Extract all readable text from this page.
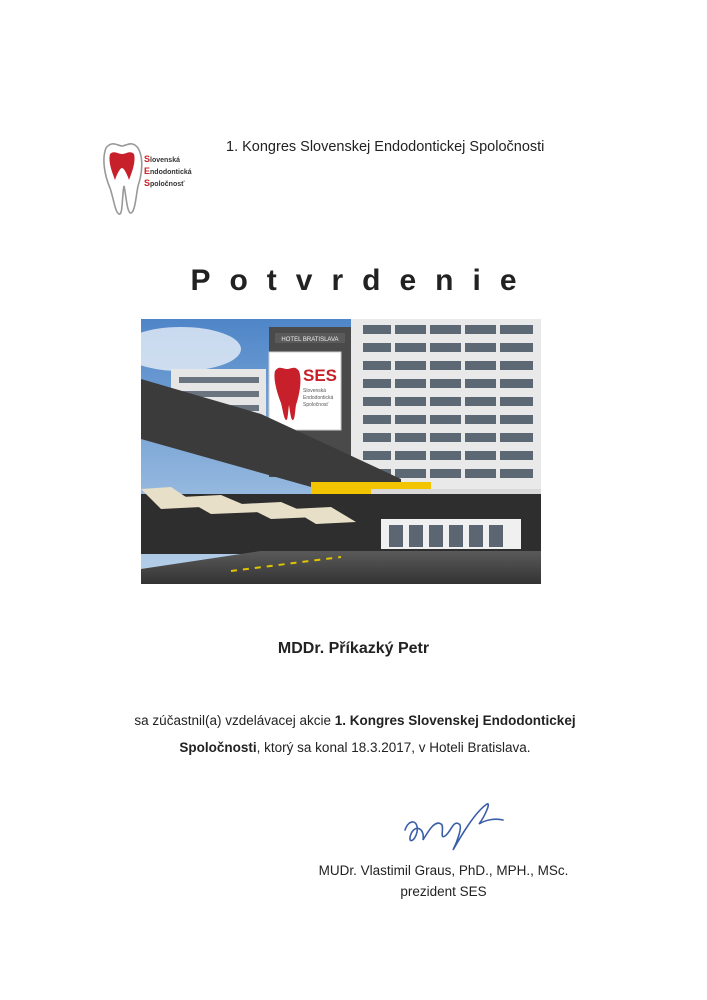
Slovenská
Endodontická
Spoločnosť
1. Kongres Slovenskej Endodontickej Spoločnosti
Potvrdenie
HOTEL BRATISLAVA
SES
Slovenská
Endodontická
Spoločnosť
MDDr. Příkazký Petr
sa zúčastnil(a) vzdelávacej akcie 1. Kongres Slovenskej Endodontickej
Spoločnosti, ktorý sa konal 18.3.2017, v Hoteli Bratislava.
MUDr. Vlastimil Graus, PhD., MPH., MSc.
prezident SES
